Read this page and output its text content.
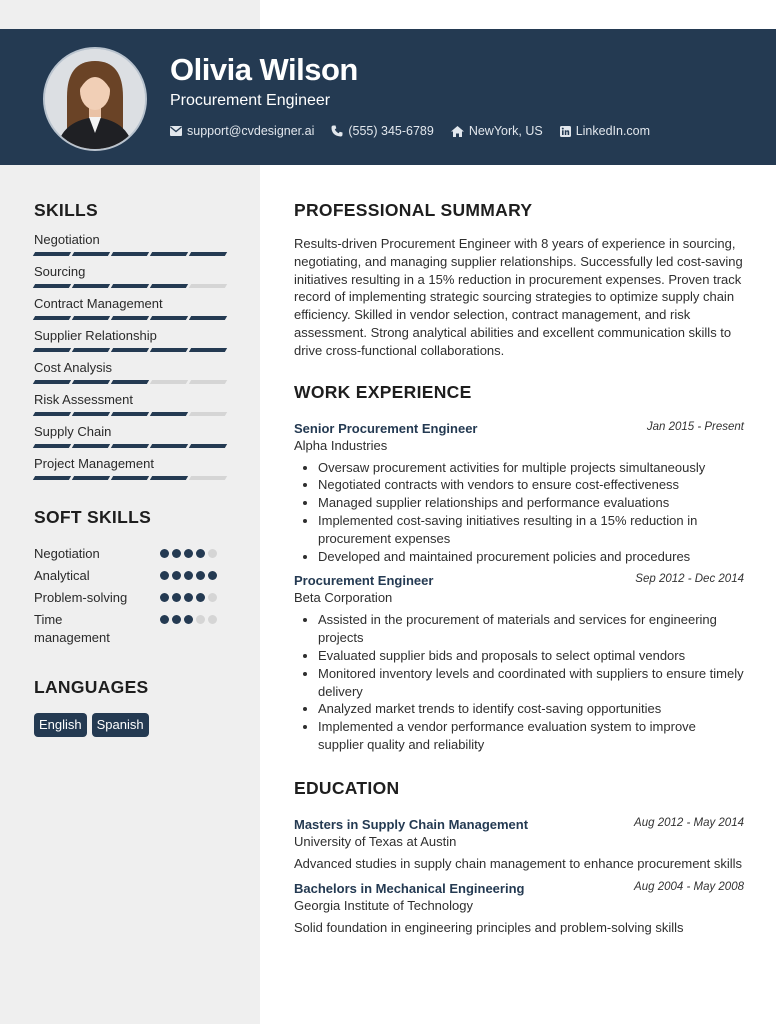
Olivia Wilson
Procurement Engineer
support@cvdesigner.ai	(555) 345-6789	NewYork, US	LinkedIn.com
SKILLS
Negotiation
Sourcing
Contract Management
Supplier Relationship
Cost Analysis
Risk Assessment
Supply Chain
Project Management
SOFT SKILLS
Negotiation
Analytical
Problem-solving
Time management
LANGUAGES
English	Spanish
PROFESSIONAL SUMMARY
Results-driven Procurement Engineer with 8 years of experience in sourcing, negotiating, and managing supplier relationships. Successfully led cost-saving initiatives resulting in a 15% reduction in procurement expenses. Proven track record of implementing strategic sourcing strategies to optimize supply chain efficiency. Skilled in vendor selection, contract management, and risk assessment. Strong analytical abilities and excellent communication skills to drive cross-functional collaborations.
WORK EXPERIENCE
Senior Procurement Engineer	Jan 2015 - Present
Alpha Industries
• Oversaw procurement activities for multiple projects simultaneously
• Negotiated contracts with vendors to ensure cost-effectiveness
• Managed supplier relationships and performance evaluations
• Implemented cost-saving initiatives resulting in a 15% reduction in procurement expenses
• Developed and maintained procurement policies and procedures
Procurement Engineer	Sep 2012 - Dec 2014
Beta Corporation
• Assisted in the procurement of materials and services for engineering projects
• Evaluated supplier bids and proposals to select optimal vendors
• Monitored inventory levels and coordinated with suppliers to ensure timely delivery
• Analyzed market trends to identify cost-saving opportunities
• Implemented a vendor performance evaluation system to improve supplier quality and reliability
EDUCATION
Masters in Supply Chain Management	Aug 2012 - May 2014
University of Texas at Austin
Advanced studies in supply chain management to enhance procurement skills
Bachelors in Mechanical Engineering	Aug 2004 - May 2008
Georgia Institute of Technology
Solid foundation in engineering principles and problem-solving skills
